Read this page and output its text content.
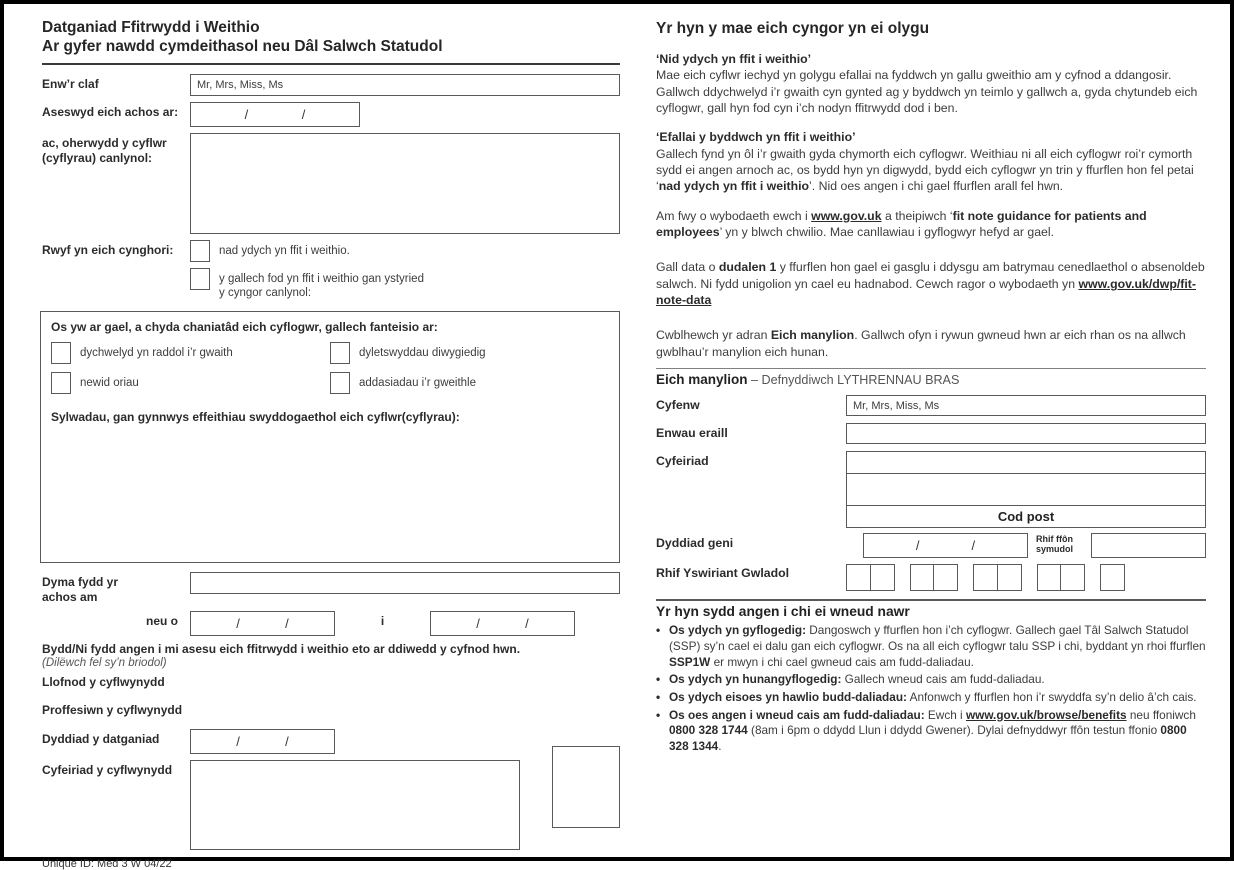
Datganiad Ffitrwydd i Weithio
Ar gyfer nawdd cymdeithasol neu Dâl Salwch Statudol
Enw’r claf	Mr, Mrs, Miss, Ms
Aseswyd eich achos ar:	/	/
ac, oherwydd y cyflwr (cyflyrau) canlynol:
Rwyf yn eich cynghori:	nad ydych yn ffit i weithio.
y gallech fod yn ffit i weithio gan ystyried
y cyngor canlynol:
Os yw ar gael, a chyda chaniatâd eich cyflogwr, gallech fanteisio ar:
dychwelyd yn raddol i’r gwaith	dyletswyddau diwygiedig
newid oriau	addasiadau i’r gweithle
Sylwadau, gan gynnwys effeithiau swyddogaethol eich cyflwr(cyflyrau):
Dyma fydd yr
achos am
neu o	/	/	i	/	/
Bydd/Ni fydd angen i mi asesu eich ffitrwydd i weithio eto ar ddiwedd y cyfnod hwn.
(Dilëwch fel sy’n briodol)
Llofnod y cyflwynydd
Proffesiwn y cyflwynydd
Dyddiad y datganiad	/	/
Cyfeiriad y cyflwynydd
Unique ID: Med 3 W 04/22
Yr hyn y mae eich cyngor yn ei olygu
‘Nid ydych yn ffit i weithio’

Mae eich cyflwr iechyd yn golygu efallai na fyddwch yn gallu gweithio am y cyfnod a ddangosir. Gallwch ddychwelyd i’r gwaith cyn gynted ag y byddwch yn teimlo y gallwch a, gyda chytundeb eich cyflogwr, gall hyn fod cyn i’ch nodyn ffitrwydd dod i ben.

‘Efallai y byddwch yn ffit i weithio’

Gallech fynd yn ôl i’r gwaith gyda chymorth eich cyflogwr. Weithiau ni all eich cyflogwr roi’r cymorth sydd ei angen arnoch ac, os bydd hyn yn digwydd, bydd eich cyflogwr yn trin y ffurflen hon fel petai ‘nad ydych yn ffit i weithio’. Nid oes angen i chi gael ffurflen arall fel hwn.

Am fwy o wybodaeth ewch i www.gov.uk a theipiwch ‘fit note guidance for patients and employees’ yn y blwch chwilio. Mae canllawiau i gyflogwyr hefyd ar gael.

Gall data o dudalen 1 y ffurflen hon gael ei gasglu i ddysgu am batrymau cenedlaethol o absenoldeb salwch. Ni fydd unigolion yn cael eu hadnabod. Cewch ragor o wybodaeth yn www.gov.uk/dwp/fit-note-data

Cwblhewch yr adran Eich manylion. Gallwch ofyn i rywun gwneud hwn ar eich rhan os na allwch gwblhau’r manylion eich hunan.

Eich manylion – Defnyddiwch LYTHRENNAU BRAS
Cyfenw	Mr, Mrs, Miss, Ms
Enwau eraill
Cyfeiriad
Cod post
Dyddiad geni	/	/	Rhif ffôn
symudol
Rhif Yswiriant Gwladol
Yr hyn sydd angen i chi ei wneud nawr
• Os ydych yn gyflogedig: Dangoswch y ffurflen hon i’ch cyflogwr. Gallech gael Tâl Salwch Statudol (SSP) sy’n cael ei dalu gan eich cyflogwr. Os na all eich cyflogwr talu SSP i chi, byddant yn rhoi ffurflen SSP1W er mwyn i chi cael gwneud cais am fudd-daliadau.
• Os ydych yn hunangyflogedig: Gallech wneud cais am fudd-daliadau.
• Os ydych eisoes yn hawlio budd-daliadau: Anfonwch y ffurflen hon i’r swyddfa sy’n delio â’ch cais.
• Os oes angen i wneud cais am fudd-daliadau: Ewch i www.gov.uk/browse/benefits neu ffoniwch 0800 328 1744 (8am i 6pm o ddydd Llun i ddydd Gwener). Dylai defnyddwyr ffôn testun ffonio 0800 328 1344.
